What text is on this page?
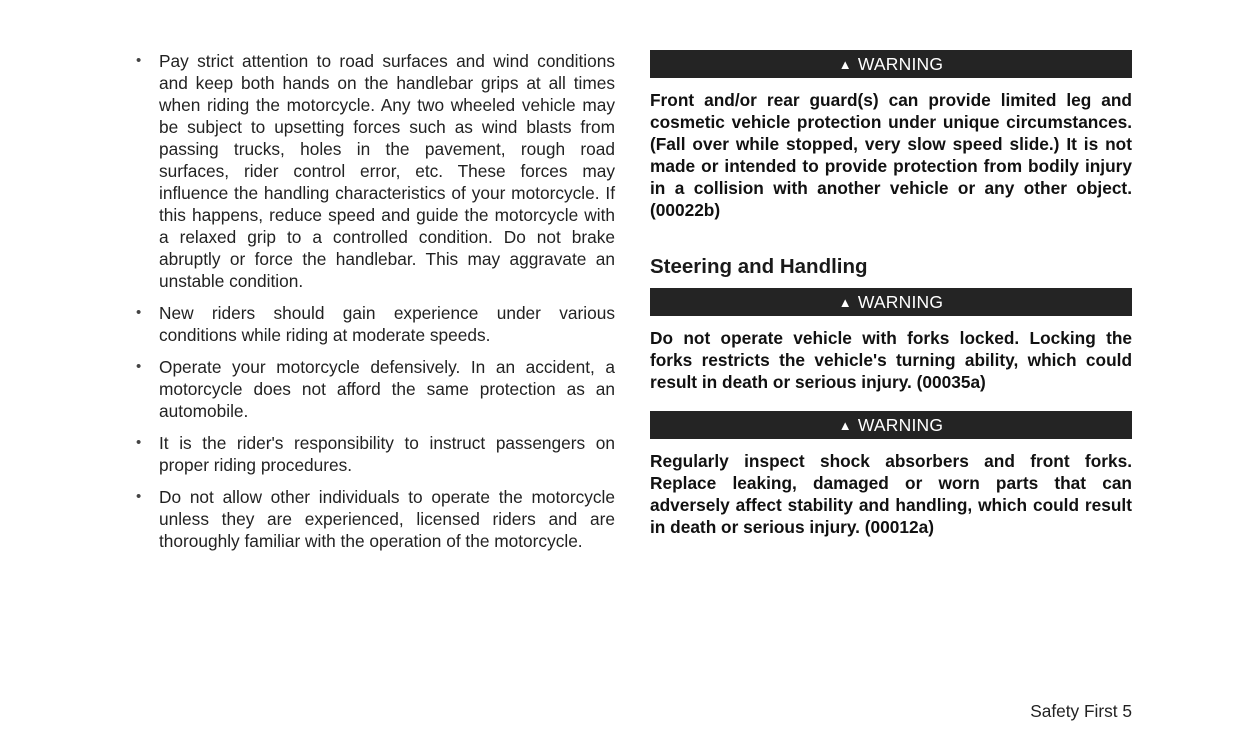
• Pay strict attention to road surfaces and wind conditions and keep both hands on the handlebar grips at all times when riding the motorcycle. Any two wheeled vehicle may be subject to upsetting forces such as wind blasts from passing trucks, holes in the pavement, rough road surfaces, rider control error, etc. These forces may influence the handling characteristics of your motorcycle. If this happens, reduce speed and guide the motorcycle with a relaxed grip to a controlled condition. Do not brake abruptly or force the handlebar. This may aggravate an unstable condition.
• New riders should gain experience under various conditions while riding at moderate speeds.
• Operate your motorcycle defensively. In an accident, a motorcycle does not afford the same protection as an automobile.
• It is the rider's responsibility to instruct passengers on proper riding procedures.
• Do not allow other individuals to operate the motorcycle unless they are experienced, licensed riders and are thoroughly familiar with the operation of the motorcycle.
▲ WARNING
Front and/or rear guard(s) can provide limited leg and cosmetic vehicle protection under unique circumstances. (Fall over while stopped, very slow speed slide.) It is not made or intended to provide protection from bodily injury in a collision with another vehicle or any other object. (00022b)
Steering and Handling
▲ WARNING
Do not operate vehicle with forks locked. Locking the forks restricts the vehicle's turning ability, which could result in death or serious injury. (00035a)
▲ WARNING
Regularly inspect shock absorbers and front forks. Replace leaking, damaged or worn parts that can adversely affect stability and handling, which could result in death or serious injury. (00012a)
Safety First 5
